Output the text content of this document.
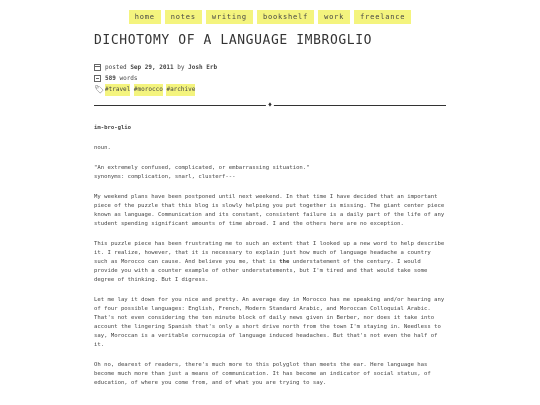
home notes writing bookshelf work freelance
DICHOTOMY OF A LANGUAGE IMBROGLIO
posted
Sep 29, 2011
by
Josh Erb
589
words
🏷 #travel
#morocco
#archive
♦

im-bro-glio

noun.

"An extremely confused, complicated, or embarrassing situation."
synonyms: complication, snarl, clusterf---

My weekend plans have been postponed until next weekend. In that time I have decided that an important piece of the puzzle that this blog is slowly helping you put together is missing. The giant center piece known as language. Communication and its constant, consistent failure is a daily part of the life of any student spending significant amounts of time abroad. I and the others here are no exception.

This puzzle piece has been frustrating me to such an extent that I looked up a new word to help describe it. I realize, however, that it is necessary to explain just how much of language headache a country such as Morocco can cause. And believe you me, that is the understatement of the century. I would provide you with a counter example of other understatements, but I'm tired and that would take some degree of thinking. But I digress.

Let me lay it down for you nice and pretty. An average day in Morocco has me speaking and/or hearing any of four possible languages: English, French, Modern Standard Arabic, and Moroccan Colloquial Arabic. That's not even considering the ten minute block of daily news given in Berber, nor does it take into account the lingering Spanish that's only a short drive north from the town I'm staying in. Needless to say, Moroccan is a veritable cornucopia of language induced headaches. But that's not even the half of it.

Oh no, dearest of readers, there's much more to this polyglot than meets the ear. Here language has become much more than just a means of communication. It has become an indicator of social status, of education, of where you come from, and of what you are trying to say.
